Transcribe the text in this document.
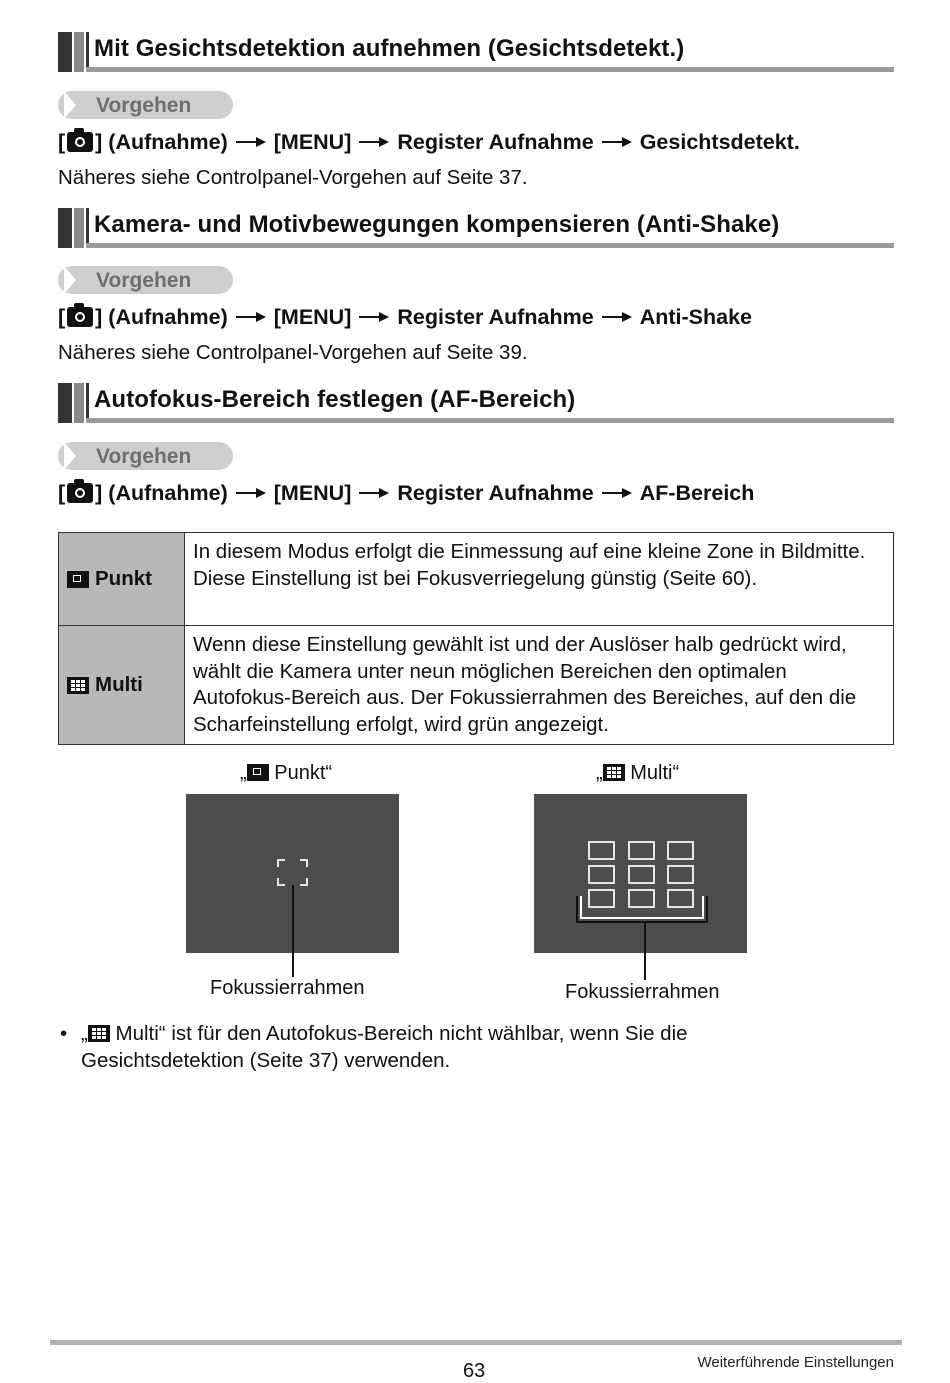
Mit Gesichtsdetektion aufnehmen (Gesichtsdetekt.)
Vorgehen
[ ] (Aufnahme) [MENU] Register Aufnahme Gesichtsdetekt.
Näheres siehe Controlpanel-Vorgehen auf Seite 37.
Kamera- und Motivbewegungen kompensieren (Anti-Shake)
Vorgehen
[ ] (Aufnahme) [MENU] Register Aufnahme Anti-Shake
Näheres siehe Controlpanel-Vorgehen auf Seite 39.
Autofokus-Bereich festlegen (AF-Bereich)
Vorgehen
[ ] (Aufnahme) [MENU] Register Aufnahme AF-Bereich
Punkt
In diesem Modus erfolgt die Einmessung auf eine kleine Zone in Bildmitte. Diese Einstellung ist bei Fokusverriegelung günstig (Seite 60).
Multi
Wenn diese Einstellung gewählt ist und der Auslöser halb gedrückt wird, wählt die Kamera unter neun möglichen Bereichen den optimalen Autofokus-Bereich aus. Der Fokussierrahmen des Bereiches, auf den die Scharfeinstellung erfolgt, wird grün angezeigt.
„ Punkt“
Fokussierrahmen
„ Multi“
Fokussierrahmen
• „ Multi“ ist für den Autofokus-Bereich nicht wählbar, wenn Sie die Gesichtsdetektion (Seite 37) verwenden.
63	Weiterführende Einstellungen
